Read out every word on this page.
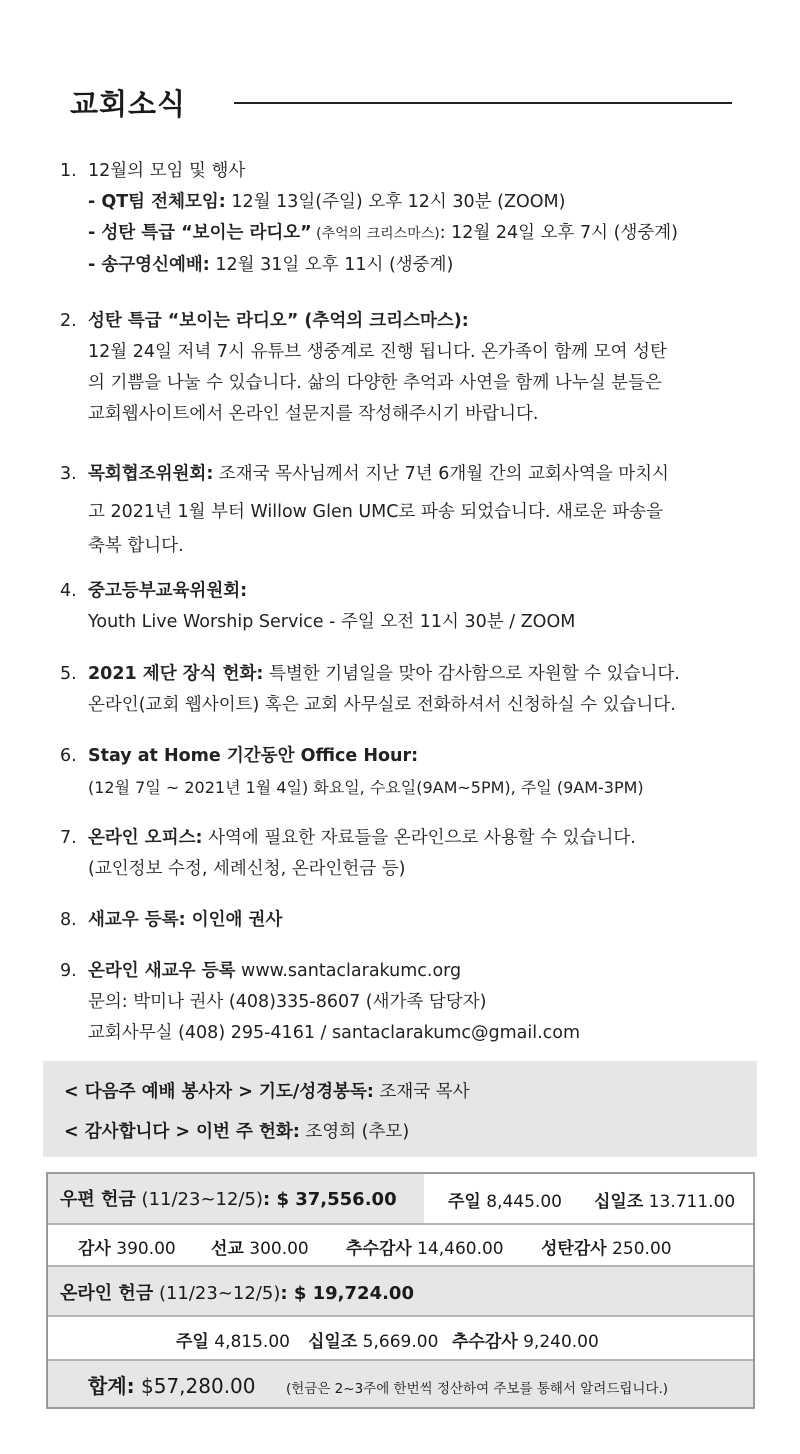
교회소식
1. 12월의 모임 및 행사
- QT팀 전체모임: 12월 13일(주일) 오후 12시 30분 (ZOOM)
- 성탄 특급 “보이는 라디오” (추억의 크리스마스): 12월 24일 오후 7시 (생중계)
- 송구영신예배: 12월 31일 오후 11시 (생중계)
2. 성탄 특급 “보이는 라디오” (추억의 크리스마스):
12월 24일 저녁 7시 유튜브 생중계로 진행 됩니다. 온가족이 함께 모여 성탄
의 기쁨을 나눌 수 있습니다. 삶의 다양한 추억과 사연을 함께 나누실 분들은
교회웹사이트에서 온라인 설문지를 작성해주시기 바랍니다.
3. 목회협조위원회: 조재국 목사님께서 지난 7년 6개월 간의 교회사역을 마치시
고 2021년 1월 부터 Willow Glen UMC로 파송 되었습니다. 새로운 파송을
축복 합니다.
4. 중고등부교육위원회:
Youth Live Worship Service - 주일 오전 11시 30분 / ZOOM
5. 2021 제단 장식 헌화: 특별한 기념일을 맞아 감사함으로 자원할 수 있습니다.
온라인(교회 웹사이트) 혹은 교회 사무실로 전화하셔서 신청하실 수 있습니다.
6. Stay at Home 기간동안 Office Hour:
(12월 7일 ~ 2021년 1월 4일) 화요일, 수요일(9AM~5PM), 주일 (9AM-3PM)
7. 온라인 오피스: 사역에 필요한 자료들을 온라인으로 사용할 수 있습니다.
(교인정보 수정, 세례신청, 온라인헌금 등)
8. 새교우 등록: 이인애 권사
9. 온라인 새교우 등록 www.santaclarakumc.org
문의: 박미나 권사 (408)335-8607 (새가족 담당자)
교회사무실 (408) 295-4161 / santaclarakumc@gmail.com
< 다음주 예배 봉사자 > 기도/성경봉독: 조재국 목사
< 감사합니다 > 이번 주 헌화: 조영희 (추모)
우편 헌금 (11/23~12/5): $ 37,556.00	주일 8,445.00 십일조 13.711.00
감사 390.00 선교 300.00 추수감사 14,460.00 성탄감사 250.00
온라인 헌금 (11/23~12/5): $ 19,724.00
주일 4,815.00 십일조 5,669.00 추수감사 9,240.00
합계: $57,280.00 (헌금은 2~3주에 한번씩 정산하여 주보를 통해서 알려드립니다.)
